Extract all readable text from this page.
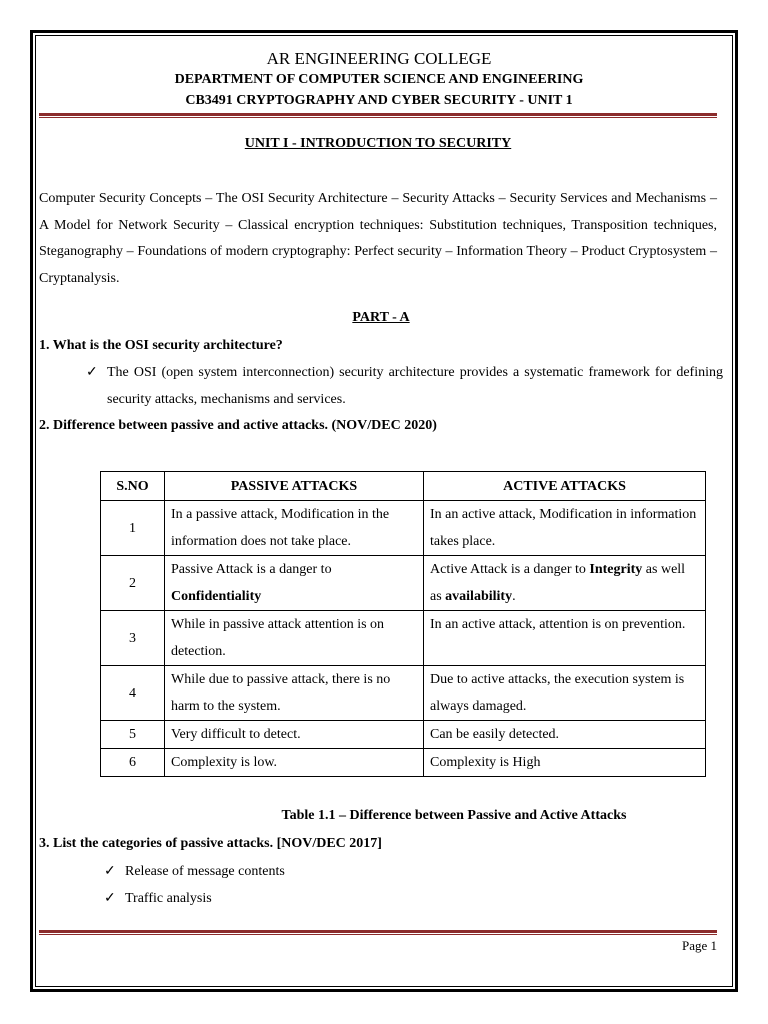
AR ENGINEERING COLLEGE
DEPARTMENT OF COMPUTER SCIENCE AND ENGINEERING
CB3491 CRYPTOGRAPHY AND CYBER SECURITY - UNIT 1
UNIT I - INTRODUCTION TO SECURITY

Computer Security Concepts – The OSI Security Architecture – Security Attacks – Security Services and Mechanisms – A Model for Network Security – Classical encryption techniques: Substitution techniques, Transposition techniques, Steganography – Foundations of modern cryptography: Perfect security – Information Theory – Product Cryptosystem – Cryptanalysis.

PART - A

1. What is the OSI security architecture?

✓ The OSI (open system interconnection) security architecture provides a systematic framework for defining security attacks, mechanisms and services.

2. Difference between passive and active attacks. (NOV/DEC 2020)

S.NO	PASSIVE ATTACKS	ACTIVE ATTACKS
1	In a passive attack, Modification in the information does not take place.	In an active attack, Modification in information takes place.
2	Passive Attack is a danger to Confidentiality	Active Attack is a danger to Integrity as well as availability.
3	While in passive attack attention is on detection.	In an active attack, attention is on prevention.
4	While due to passive attack, there is no harm to the system.	Due to active attacks, the execution system is always damaged.
5	Very difficult to detect.	Can be easily detected.
6	Complexity is low.	Complexity is High
Table 1.1 – Difference between Passive and Active Attacks

3. List the categories of passive attacks. [NOV/DEC 2017]

✓ Release of message contents
✓ Traffic analysis
Page 1
